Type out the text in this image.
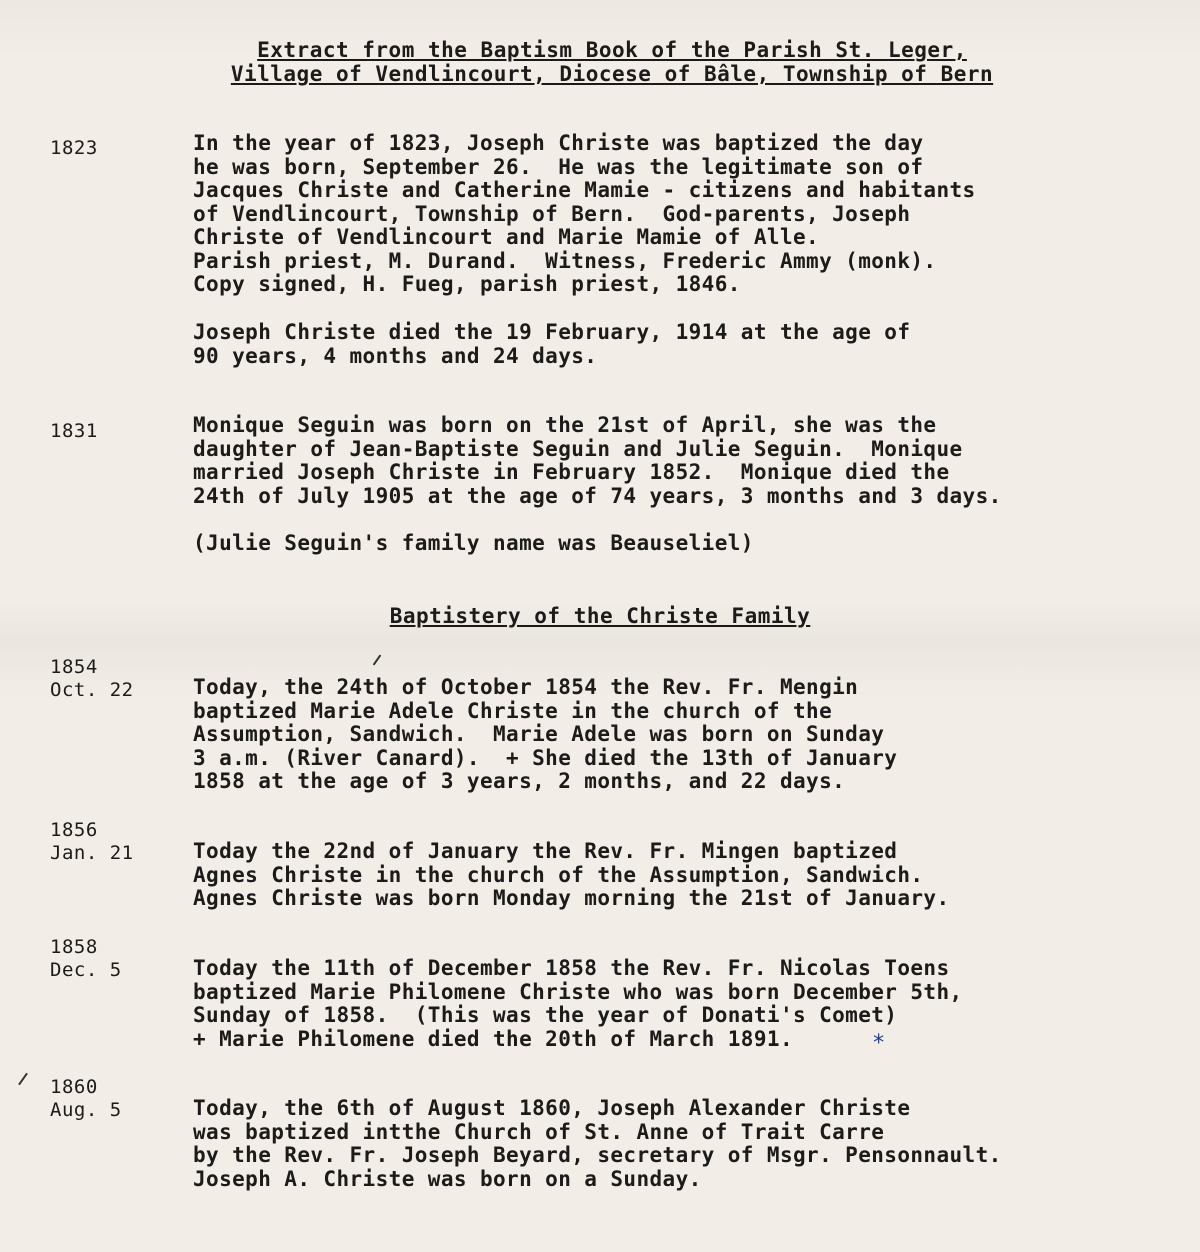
Extract from the Baptism Book of the Parish St. Leger,
Village of Vendlincourt, Diocese of Bâle, Township of Bern
1823	In the year of 1823, Joseph Christe was baptized the day
he was born, September 26.  He was the legitimate son of
Jacques Christe and Catherine Mamie - citizens and habitants
of Vendlincourt, Township of Bern.  God-parents, Joseph
Christe of Vendlincourt and Marie Mamie of Alle.
Parish priest, M. Durand.  Witness, Frederic Ammy (monk).
Copy signed, H. Fueg, parish priest, 1846.
Joseph Christe died the 19 February, 1914 at the age of
90 years, 4 months and 24 days.
1831	Monique Seguin was born on the 21st of April, she was the
daughter of Jean-Baptiste Seguin and Julie Seguin.  Monique
married Joseph Christe in February 1852.  Monique died the
24th of July 1905 at the age of 74 years, 3 months and 3 days.
(Julie Seguin's family name was Beauseliel)
Baptistery of the Christe Family
1854
Oct. 22	Today, the 24th of October 1854 the Rev. Fr. Mengin
baptized Marie Adele Christe in the church of the
Assumption, Sandwich.  Marie Adele was born on Sunday
3 a.m. (River Canard).  + She died the 13th of January
1858 at the age of 3 years, 2 months, and 22 days.
1856
Jan. 21	Today the 22nd of January the Rev. Fr. Mingen baptized
Agnes Christe in the church of the Assumption, Sandwich.
Agnes Christe was born Monday morning the 21st of January.
1858
Dec. 5	Today the 11th of December 1858 the Rev. Fr. Nicolas Toens
baptized Marie Philomene Christe who was born December 5th,
Sunday of 1858.  (This was the year of Donati's Comet)
+ Marie Philomene died the 20th of March 1891.	*
1860
Aug. 5	Today, the 6th of August 1860, Joseph Alexander Christe
was baptized intthe Church of St. Anne of Trait Carre
by the Rev. Fr. Joseph Beyard, secretary of Msgr. Pensonnault.
Joseph A. Christe was born on a Sunday.
